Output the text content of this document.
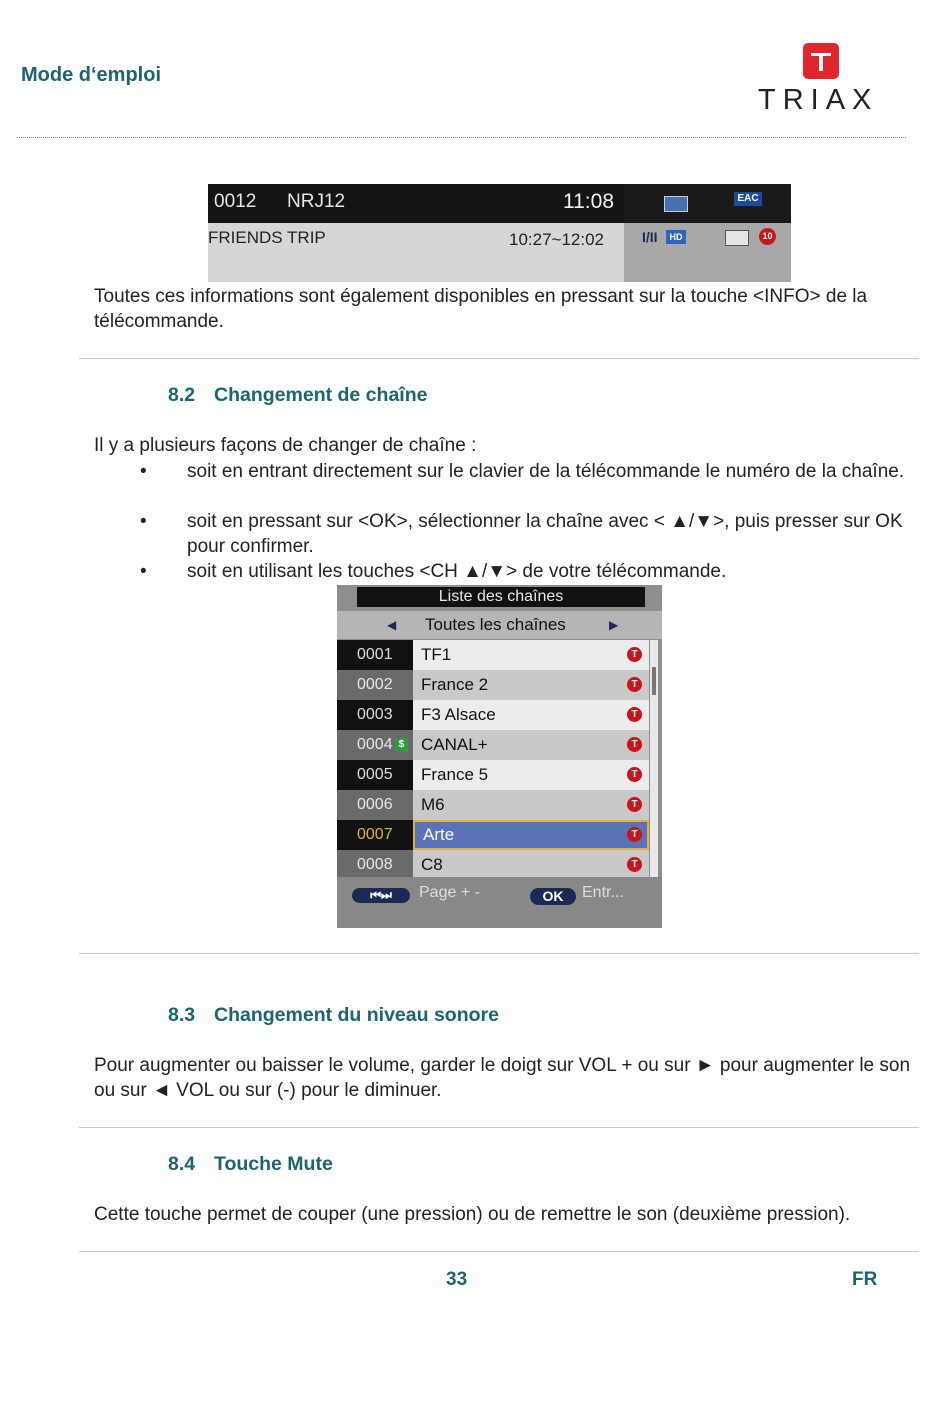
Mode d‘emploi
TRIAX
0012 NRJ12	11:08
FRIENDS TRIP	10:27~12:02
EAC
I/II	HD	10
Toutes ces informations sont également disponibles en pressant sur la touche <INFO> de la télécommande.
8.2 Changement de chaîne
Il y a plusieurs façons de changer de chaîne :
• soit en entrant directement sur le clavier de la télécommande le numéro de la chaîne.
• soit en pressant sur <OK>, sélectionner la chaîne avec < ▲/▼>, puis presser sur OK pour confirmer.
• soit en utilisant les touches <CH ▲/▼> de votre télécommande.
Liste des chaînes
◀ Toutes les chaînes	▶
0001	TF1	T
0002	France 2	T
0003	F3 Alsace	T
0004 $ CANAL+	T
0005	France 5	T
0006	M6	T
0007	Arte	T
0008	C8	T
⏮⏭	Page + -	OK	Entr...
8.3 Changement du niveau sonore
Pour augmenter ou baisser le volume, garder le doigt sur VOL + ou sur ► pour augmenter le son ou sur ◄ VOL ou sur (-) pour le diminuer.
8.4 Touche Mute
Cette touche permet de couper (une pression) ou de remettre le son (deuxième pression).
33	FR
